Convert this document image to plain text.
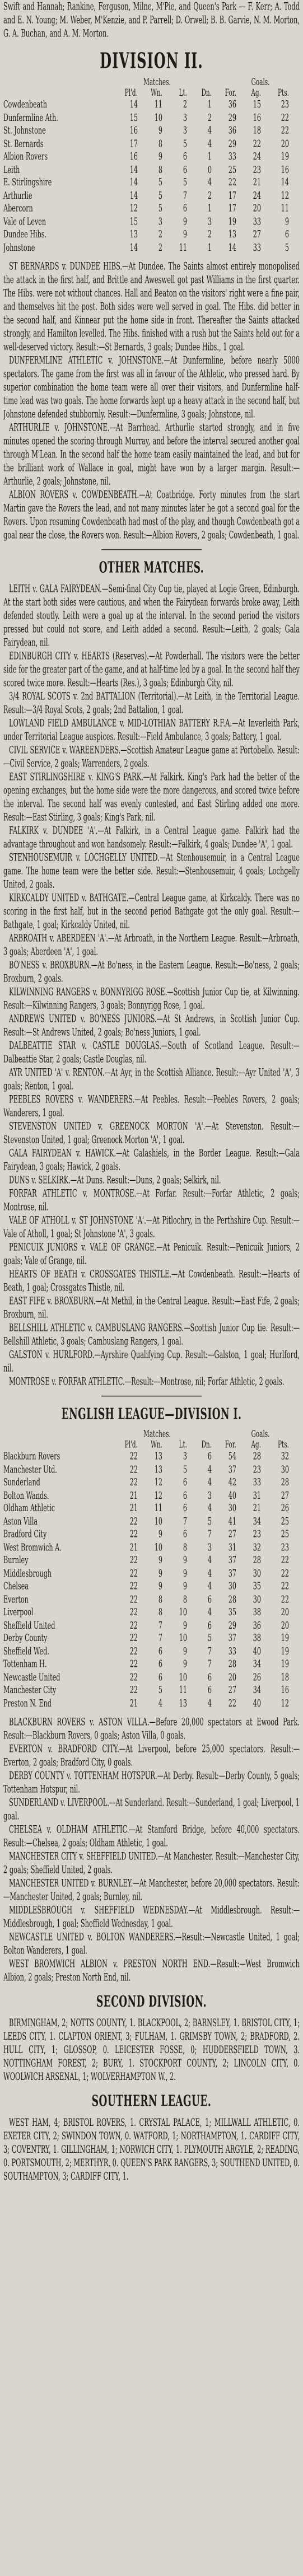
Swift and Hannah; Rankine, Ferguson, Milne, M'Pie, and Queen's Park — F. Kerr; A. Todd and E. N. Young; M. Weber, M'Kenzie, and P. Parrell; D. Orwell; B. B. Garvie, N. M. Morton, G. A. Buchan, and A. M. Morton.

DIVISION II.
Matches.	Goals.
Pl'd.	Wn.	Lt.	Dn.	For.	Ag.	Pts.
Cowdenbeath	14	11	2	1	36	15	23
Dunfermline Ath.	15	10	3	2	29	16	22
St. Johnstone	16	9	3	4	36	18	22
St. Bernards	17	8	5	4	29	22	20
Albion Rovers	16	9	6	1	33	24	19
Leith	14	8	6	0	25	23	16
E. Stirlingshire	14	5	5	4	22	21	14
Arthurlie	14	5	7	2	17	24	12
Abercorn	12	5	6	1	17	20	11
Vale of Leven	15	3	9	3	19	33	9
Dundee Hibs.	13	2	9	2	13	27	6
Johnstone	14	2	11	1	14	33	5

ST BERNARDS v. DUNDEE HIBS.—At Dundee. The Saints almost entirely monopolised the attack in the first half, and Brittle and Aweswell got past Williams in the first quarter. The Hibs. were not without chances. Hall and Beaton on the visitors' right were a fine pair, and themselves hit the post. Both sides were well served in goal. The Hibs. did better in the second half, and Kinnear put the home side in front. Thereafter the Saints attacked strongly, and Hamilton levelled. The Hibs. finished with a rush but the Saints held out for a well-deserved victory. Result:—St Bernards, 3 goals; Dundee Hibs., 1 goal.

DUNFERMLINE ATHLETIC v. JOHNSTONE.—At Dunfermline, before nearly 5000 spectators. The game from the first was all in favour of the Athletic, who pressed hard. By superior combination the home team were all over their visitors, and Dunfermline half-time lead was two goals. The home forwards kept up a heavy attack in the second half, but Johnstone defended stubbornly. Result:—Dunfermline, 3 goals; Johnstone, nil.

ARTHURLIE v. JOHNSTONE.—At Barrhead. Arthurlie started strongly, and in five minutes opened the scoring through Murray, and before the interval secured another goal through M'Lean. In the second half the home team easily maintained the lead, and but for the brilliant work of Wallace in goal, might have won by a larger margin. Result:—Arthurlie, 2 goals; Johnstone, nil.

ALBION ROVERS v. COWDENBEATH.—At Coatbridge. Forty minutes from the start Martin gave the Rovers the lead, and not many minutes later he got a second goal for the Rovers. Upon resuming Cowdenbeath had most of the play, and though Cowdenbeath got a goal near the close, the Rovers won. Result:—Albion Rovers, 2 goals; Cowdenbeath, 1 goal.

OTHER MATCHES.

LEITH v. GALA FAIRYDEAN.—Semi-final City Cup tie, played at Logie Green, Edinburgh. At the start both sides were cautious, and when the Fairydean forwards broke away, Leith defended stoutly. Leith were a goal up at the interval. In the second period the visitors pressed but could not score, and Leith added a second. Result:—Leith, 2 goals; Gala Fairydean, nil.

EDINBURGH CITY v. HEARTS (Reserves).—At Powderhall. The visitors were the better side for the greater part of the game, and at half-time led by a goal. In the second half they scored twice more. Result:—Hearts (Res.), 3 goals; Edinburgh City, nil.

3/4 ROYAL SCOTS v. 2nd BATTALION (Territorial).—At Leith, in the Territorial League. Result:—3/4 Royal Scots, 2 goals; 2nd Battalion, 1 goal.

LOWLAND FIELD AMBULANCE v. MID-LOTHIAN BATTERY R.F.A.—At Inverleith Park, under Territorial League auspices. Result:—Field Ambulance, 3 goals; Battery, 1 goal.

CIVIL SERVICE v. WAREENDERS.—Scottish Amateur League game at Portobello. Result:—Civil Service, 2 goals; Warrenders, 2 goals.

EAST STIRLINGSHIRE v. KING'S PARK.—At Falkirk. King's Park had the better of the opening exchanges, but the home side were the more dangerous, and scored twice before the interval. The second half was evenly contested, and East Stirling added one more. Result:—East Stirling, 3 goals; King's Park, nil.

FALKIRK v. DUNDEE 'A'.—At Falkirk, in a Central League game. Falkirk had the advantage throughout and won handsomely. Result:—Falkirk, 4 goals; Dundee 'A', 1 goal.

STENHOUSEMUIR v. LOCHGELLY UNITED.—At Stenhousemuir, in a Central League game. The home team were the better side. Result:—Stenhousemuir, 4 goals; Lochgelly United, 2 goals.

KIRKCALDY UNITED v. BATHGATE.—Central League game, at Kirkcaldy. There was no scoring in the first half, but in the second period Bathgate got the only goal. Result:—Bathgate, 1 goal; Kirkcaldy United, nil.

ARBROATH v. ABERDEEN 'A'.—At Arbroath, in the Northern League. Result:—Arbroath, 3 goals; Aberdeen 'A', 1 goal.

BO'NESS v. BROXBURN.—At Bo'ness, in the Eastern League. Result:—Bo'ness, 2 goals; Broxburn, 2 goals.

KILWINNING RANGERS v. BONNYRIGG ROSE.—Scottish Junior Cup tie, at Kilwinning. Result:—Kilwinning Rangers, 3 goals; Bonnyrigg Rose, 1 goal.

ANDREWS UNITED v. BO'NESS JUNIORS.—At St Andrews, in Scottish Junior Cup. Result:—St Andrews United, 2 goals; Bo'ness Juniors, 1 goal.

DALBEATTIE STAR v. CASTLE DOUGLAS.—South of Scotland League. Result:—Dalbeattie Star, 2 goals; Castle Douglas, nil.

AYR UNITED 'A' v. RENTON.—At Ayr, in the Scottish Alliance. Result:—Ayr United 'A', 3 goals; Renton, 1 goal.

PEEBLES ROVERS v. WANDERERS.—At Peebles. Result:—Peebles Rovers, 2 goals; Wanderers, 1 goal.

STEVENSTON UNITED v. GREENOCK MORTON 'A'.—At Stevenston. Result:—Stevenston United, 1 goal; Greenock Morton 'A', 1 goal.

GALA FAIRYDEAN v. HAWICK.—At Galashiels, in the Border League. Result:—Gala Fairydean, 3 goals; Hawick, 2 goals.

DUNS v. SELKIRK.—At Duns. Result:—Duns, 2 goals; Selkirk, nil.

FORFAR ATHLETIC v. MONTROSE.—At Forfar. Result:—Forfar Athletic, 2 goals; Montrose, nil.

VALE OF ATHOLL v. ST JOHNSTONE 'A'.—At Pitlochry, in the Perthshire Cup. Result:—Vale of Atholl, 1 goal; St Johnstone 'A', 3 goals.

PENICUIK JUNIORS v. VALE OF GRANGE.—At Penicuik. Result:—Penicuik Juniors, 2 goals; Vale of Grange, nil.

HEARTS OF BEATH v. CROSSGATES THISTLE.—At Cowdenbeath. Result:—Hearts of Beath, 1 goal; Crossgates Thistle, nil.

EAST FIFE v. BROXBURN.—At Methil, in the Central League. Result:—East Fife, 2 goals; Broxburn, nil.

BELLSHILL ATHLETIC v. CAMBUSLANG RANGERS.—Scottish Junior Cup tie. Result:—Bellshill Athletic, 3 goals; Cambuslang Rangers, 1 goal.

GALSTON v. HURLFORD.—Ayrshire Qualifying Cup. Result:—Galston, 1 goal; Hurlford, nil.

MONTROSE v. FORFAR ATHLETIC.—Result:—Montrose, nil; Forfar Athletic, 2 goals.

ENGLISH LEAGUE—DIVISION I.
Matches.	Goals.
Pl'd.	Wn.	Lt.	Dn.	For.	Ag.	Pts.
Blackburn Rovers	22	13	3	6	54	28	32
Manchester Utd.	22	13	5	4	37	23	30
Sunderland	22	12	6	4	42	33	28
Bolton Wands.	21	12	6	3	40	31	27
Oldham Athletic	21	11	6	4	30	21	26
Aston Villa	22	10	7	5	41	34	25
Bradford City	22	9	6	7	27	23	25
West Bromwich A.	21	10	8	3	31	32	23
Burnley	22	9	9	4	37	28	22
Middlesbrough	22	9	9	4	37	30	22
Chelsea	22	9	9	4	30	35	22
Everton	22	8	8	6	28	30	22
Liverpool	22	8	10	4	35	38	20
Sheffield United	22	7	9	6	29	36	20
Derby County	22	7	10	5	37	38	19
Sheffield Wed.	22	6	9	7	33	40	19
Tottenham H.	22	6	9	7	28	34	19
Newcastle United	22	6	10	6	20	26	18
Manchester City	22	5	11	6	27	34	16
Preston N. End	21	4	13	4	22	40	12

BLACKBURN ROVERS v. ASTON VILLA.—Before 20,000 spectators at Ewood Park. Result:—Blackburn Rovers, 0 goals; Aston Villa, 0 goals.

EVERTON v. BRADFORD CITY.—At Liverpool, before 25,000 spectators. Result:—Everton, 2 goals; Bradford City, 0 goals.

DERBY COUNTY v. TOTTENHAM HOTSPUR.—At Derby. Result:—Derby County, 5 goals; Tottenham Hotspur, nil.

SUNDERLAND v. LIVERPOOL.—At Sunderland. Result:—Sunderland, 1 goal; Liverpool, 1 goal.

CHELSEA v. OLDHAM ATHLETIC.—At Stamford Bridge, before 40,000 spectators. Result:—Chelsea, 2 goals; Oldham Athletic, 1 goal.

MANCHESTER CITY v. SHEFFIELD UNITED.—At Manchester. Result:—Manchester City, 2 goals; Sheffield United, 2 goals.

MANCHESTER UNITED v. BURNLEY.—At Manchester, before 20,000 spectators. Result:—Manchester United, 2 goals; Burnley, nil.

MIDDLESBROUGH v. SHEFFIELD WEDNESDAY.—At Middlesbrough. Result:—Middlesbrough, 1 goal; Sheffield Wednesday, 1 goal.

NEWCASTLE UNITED v. BOLTON WANDERERS.—Result:—Newcastle United, 1 goal; Bolton Wanderers, 1 goal.

WEST BROMWICH ALBION v. PRESTON NORTH END.—Result:—West Bromwich Albion, 2 goals; Preston North End, nil.

SECOND DIVISION.

BIRMINGHAM, 2; NOTTS COUNTY, 1. BLACKPOOL, 2; BARNSLEY, 1. BRISTOL CITY, 1; LEEDS CITY, 1. CLAPTON ORIENT, 3; FULHAM, 1. GRIMSBY TOWN, 2; BRADFORD, 2. HULL CITY, 1; GLOSSOP, 0. LEICESTER FOSSE, 0; HUDDERSFIELD TOWN, 3. NOTTINGHAM FOREST, 2; BURY, 1. STOCKPORT COUNTY, 2; LINCOLN CITY, 0. WOOLWICH ARSENAL, 1; WOLVERHAMPTON W., 2.

SOUTHERN LEAGUE.

WEST HAM, 4; BRISTOL ROVERS, 1. CRYSTAL PALACE, 1; MILLWALL ATHLETIC, 0. EXETER CITY, 2; SWINDON TOWN, 0. WATFORD, 1; NORTHAMPTON, 1. CARDIFF CITY, 3; COVENTRY, 1. GILLINGHAM, 1; NORWICH CITY, 1. PLYMOUTH ARGYLE, 2; READING, 0. PORTSMOUTH, 2; MERTHYR, 0. QUEEN'S PARK RANGERS, 3; SOUTHEND UNITED, 0. SOUTHAMPTON, 3; CARDIFF CITY, 1.
